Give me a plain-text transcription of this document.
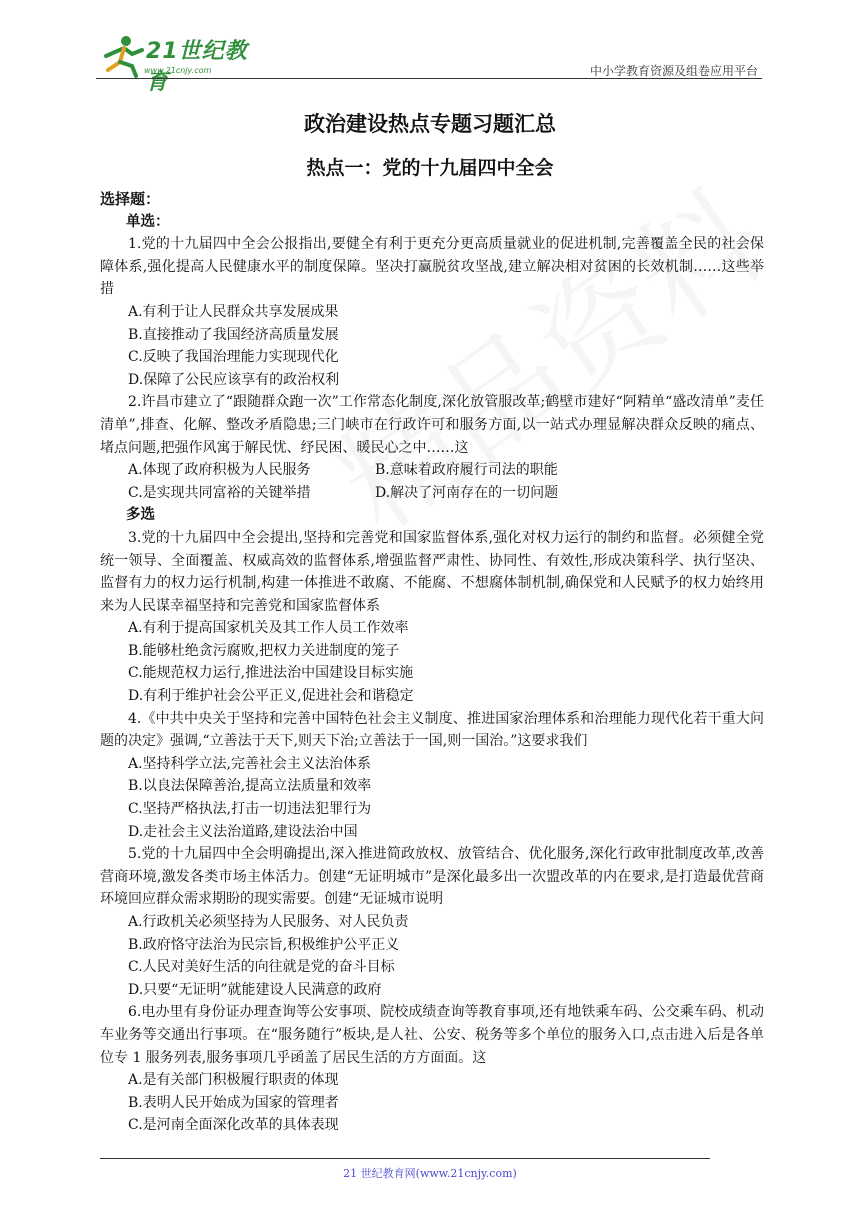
21世纪教育
www.21cnjy.com	中小学教育资源及组卷应用平台
政治建设热点专题习题汇总
热点一：党的十九届四中全会
选择题：
单选：
1.党的十九届四中全会公报指出,要健全有利于更充分更高质量就业的促进机制,完善覆盖全民的社会保障体系,强化提高人民健康水平的制度保障。坚决打赢脱贫攻坚战,建立解决相对贫困的长效机制……这些举措
A.有利于让人民群众共享发展成果
B.直接推动了我国经济高质量发展
C.反映了我国治理能力实现现代化
D.保障了公民应该享有的政治权利
2.许昌市建立了“跟随群众跑一次”工作常态化制度,深化放管服改革;鹤壁市建好“阿精单“盛改清单”麦任清单”,排查、化解、整改矛盾隐患;三门峡市在行政许可和服务方面,以一站式办理显解决群众反映的痛点、堵点问题,把强作风寓于解民忧、纾民困、暖民心之中……这
A.体现了政府积极为人民服务	B.意味着政府履行司法的职能
C.是实现共同富裕的关键举措	D.解决了河南存在的一切问题
多选
3.党的十九届四中全会提出,坚持和完善党和国家监督体系,强化对权力运行的制约和监督。必须健全党统一领导、全面覆盖、权威高效的监督体系,增强监督严肃性、协同性、有效性,形成决策科学、执行坚决、监督有力的权力运行机制,构建一体推进不敢腐、不能腐、不想腐体制机制,确保党和人民赋予的权力始终用来为人民谋幸福坚持和完善党和国家监督体系
A.有利于提高国家机关及其工作人员工作效率
B.能够杜绝贪污腐败,把权力关进制度的笼子
C.能规范权力运行,推进法治中国建设目标实施
D.有利于维护社会公平正义,促进社会和谐稳定
4.《中共中央关于坚持和完善中国特色社会主义制度、推进国家治理体系和治理能力现代化若干重大问题的决定》强调,“立善法于天下,则天下治;立善法于一国,则一国治。”这要求我们
A.坚持科学立法,完善社会主义法治体系
B.以良法保障善治,提高立法质量和效率
C.坚持严格执法,打击一切违法犯罪行为
D.走社会主义法治道路,建设法治中国
5.党的十九届四中全会明确提出,深入推进简政放权、放管结合、优化服务,深化行政审批制度改革,改善营商环境,激发各类市场主体活力。创建“无证明城市”是深化最多出一次盟改革的内在要求,是打造最优营商环境回应群众需求期盼的现实需要。创建“无证城市说明
A.行政机关必须坚持为人民服务、对人民负责
B.政府恪守法治为民宗旨,积极维护公平正义
C.人民对美好生活的向往就是党的奋斗目标
D.只要“无证明”就能建设人民满意的政府
6.电办里有身份证办理查询等公安事项、院校成绩查询等教育事项,还有地铁乘车码、公交乘车码、机动车业务等交通出行事项。在“服务随行”板块,是人社、公安、税务等多个单位的服务入口,点击进入后是各单位专 1 服务列表,服务事项几乎函盖了居民生活的方方面面。这
A.是有关部门积极履行职责的体现
B.表明人民开始成为国家的管理者
C.是河南全面深化改革的具体表现
21 世纪教育网(www.21cnjy.com)
